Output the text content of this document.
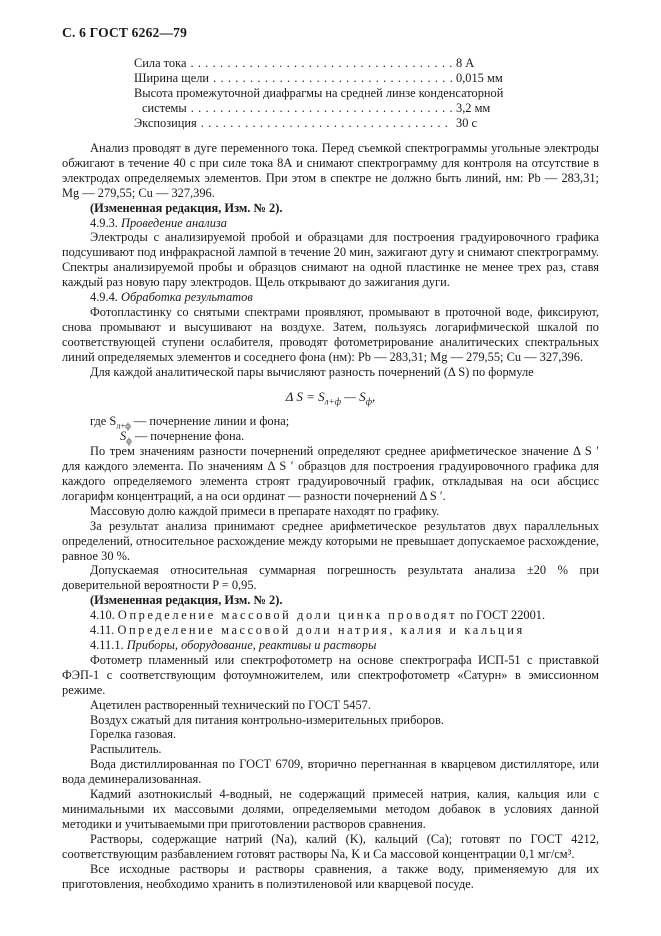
С. 6 ГОСТ 6262—79
Сила тока . . .	8 А
Ширина щели . . .	0,015 мм
Высота промежуточной диафрагмы на средней линзе конденсаторной
системы . . .	3,2 мм
Экспозиция . . .	30 с

Анализ проводят в дуге переменного тока. Перед съемкой спектрограммы угольные электроды обжигают в течение 40 с при силе тока 8А и снимают спектрограмму для контроля на отсутствие в электродах определяемых элементов. При этом в спектре не должно быть линий, нм: Pb — 283,31; Mg — 279,55; Cu — 327,396.

(Измененная редакция, Изм. № 2).

4.9.3. Проведение анализа

Электроды с анализируемой пробой и образцами для построения градуировочного графика подсушивают под инфракрасной лампой в течение 20 мин, зажигают дугу и снимают спектрограмму. Спектры анализируемой пробы и образцов снимают на одной пластинке не менее трех раз, ставя каждый раз новую пару электродов. Щель открывают до зажигания дуги.

4.9.4. Обработка результатов

Фотопластинку со снятыми спектрами проявляют, промывают в проточной воде, фиксируют, снова промывают и высушивают на воздухе. Затем, пользуясь логарифмической шкалой по соответствующей ступени ослабителя, проводят фотометрирование аналитических спектральных линий определяемых элементов и соседнего фона (нм): Pb — 283,31; Mg — 279,55; Cu — 327,396.

Для каждой аналитической пары вычисляют разность почернений (Δ S) по формуле

Δ $S = S_{л+ф}$ — $S_ф$,
где $S_{л+ф}$ — почернение линии и фона;
$S_ф$ — почернение фона.

По трем значениям разности почернений определяют среднее арифметическое значение Δ S ′ для каждого элемента. По значениям Δ S ′ образцов для построения градуировочного графика для каждого определяемого элемента строят градуировочный график, откладывая на оси абсцисс логарифм концентраций, а на оси ординат — разности почернений Δ S ′.

Массовую долю каждой примеси в препарате находят по графику.

За результат анализа принимают среднее арифметическое результатов двух параллельных определений, относительное расхождение между которыми не превышает допускаемое расхождение, равное 30 %.

Допускаемая относительная суммарная погрешность результата анализа ±20 % при доверительной вероятности P = 0,95.

(Измененная редакция, Изм. № 2).

4.10. Определение массовой доли цинка проводят по ГОСТ 22001.

4.11. Определение массовой доли натрия, калия и кальция

4.11.1. Приборы, оборудование, реактивы и растворы

Фотометр пламенный или спектрофотометр на основе спектрографа ИСП-51 с приставкой ФЭП-1 с соответствующим фотоумножителем, или спектрофотометр «Сатурн» в эмиссионном режиме.

Ацетилен растворенный технический по ГОСТ 5457.

Воздух сжатый для питания контрольно-измерительных приборов.

Горелка газовая.

Распылитель.

Вода дистиллированная по ГОСТ 6709, вторично перегнанная в кварцевом дистилляторе, или вода деминерализованная.

Кадмий азотнокислый 4-водный, не содержащий примесей натрия, калия, кальция или с минимальными их массовыми долями, определяемыми методом добавок в условиях данной методики и учитываемыми при приготовлении растворов сравнения.

Растворы, содержащие натрий (Na), калий (K), кальций (Ca); готовят по ГОСТ 4212, соответствующим разбавлением готовят растворы Na, K и Ca массовой концентрации 0,1 мг/см³.

Все исходные растворы и растворы сравнения, а также воду, применяемую для их приготовления, необходимо хранить в полиэтиленовой или кварцевой посуде.
